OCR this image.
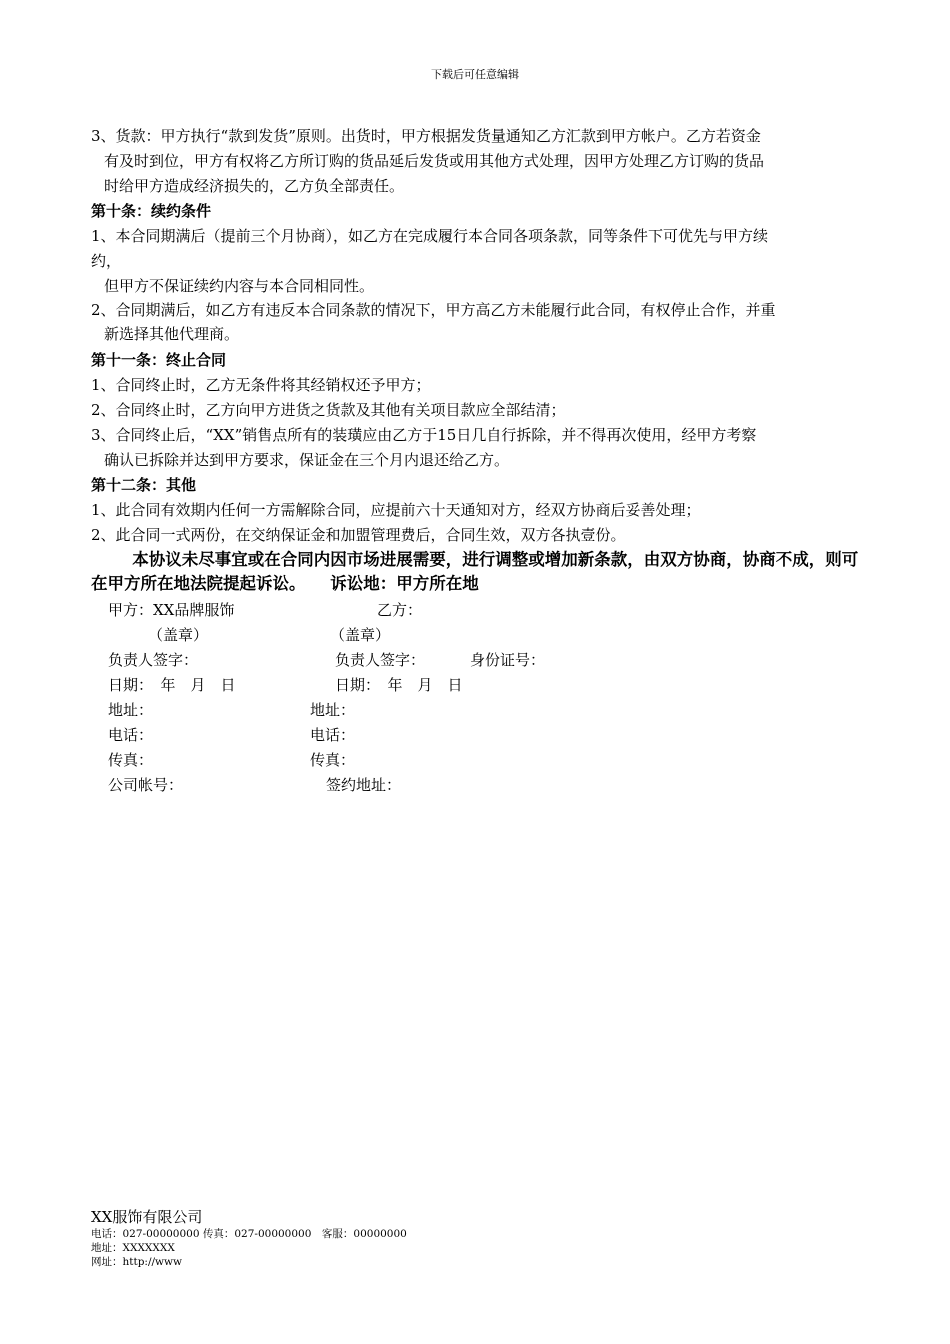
下载后可任意编辑
3、货款：甲方执行“款到发货”原则。出货时，甲方根据发货量通知乙方汇款到甲方帐户。乙方若资金
有及时到位，甲方有权将乙方所订购的货品延后发货或用其他方式处理，因甲方处理乙方订购的货品
时给甲方造成经济损失的，乙方负全部责任。
第十条：续约条件
1、本合同期满后（提前三个月协商），如乙方在完成履行本合同各项条款，同等条件下可优先与甲方续
约，
但甲方不保证续约内容与本合同相同性。
2、合同期满后，如乙方有违反本合同条款的情况下，甲方高乙方未能履行此合同，有权停止合作，并重
新选择其他代理商。
第十一条：终止合同
1、合同终止时，乙方无条件将其经销权还予甲方；
2、合同终止时，乙方向甲方进货之货款及其他有关项目款应全部结清；
3、合同终止后，“XX”销售点所有的装璜应由乙方于15日几自行拆除，并不得再次使用，经甲方考察
确认已拆除并达到甲方要求，保证金在三个月内退还给乙方。
第十二条：其他
1、此合同有效期内任何一方需解除合同，应提前六十天通知对方，经双方协商后妥善处理；
2、此合同一式两份，在交纳保证金和加盟管理费后，合同生效，双方各执壹份。
本协议未尽事宜或在合同内因市场进展需要，进行调整或增加新条款，由双方协商，协商不成，则可在甲方所在地法院提起诉讼。　　诉讼地：甲方所在地
甲方：XX品牌服饰	乙方：
（盖章）	（盖章）
负责人签字：	负责人签字：	身份证号：
日期：　年　月　日	日期：　年　月　日
地址：	地址：
电话：	电话：
传真：	传真：
公司帐号：	签约地址：
XX服饰有限公司
电话：027-00000000 传真：027-00000000　客服：00000000
地址：XXXXXXX
网址：http://www
